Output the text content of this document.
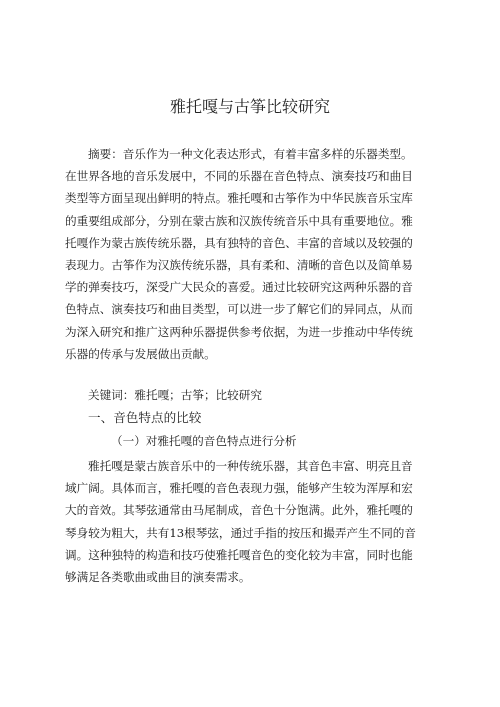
雅托嘎与古筝比较研究
摘要：音乐作为一种文化表达形式，有着丰富多样的乐器类型。
在世界各地的音乐发展中，不同的乐器在音色特点、演奏技巧和曲目
类型等方面呈现出鲜明的特点。雅托嘎和古筝作为中华民族音乐宝库
的重要组成部分，分别在蒙古族和汉族传统音乐中具有重要地位。雅
托嘎作为蒙古族传统乐器，具有独特的音色、丰富的音域以及较强的
表现力。古筝作为汉族传统乐器，具有柔和、清晰的音色以及简单易
学的弹奏技巧，深受广大民众的喜爱。通过比较研究这两种乐器的音
色特点、演奏技巧和曲目类型，可以进一步了解它们的异同点，从而
为深入研究和推广这两种乐器提供参考依据，为进一步推动中华传统
乐器的传承与发展做出贡献。
关键词：雅托嘎；古筝；比较研究
一、音色特点的比较
（一）对雅托嘎的音色特点进行分析
雅托嘎是蒙古族音乐中的一种传统乐器，其音色丰富、明亮且音
域广阔。具体而言，雅托嘎的音色表现力强，能够产生较为浑厚和宏
大的音效。其琴弦通常由马尾制成，音色十分饱满。此外，雅托嘎的
琴身较为粗大，共有13根琴弦，通过手指的按压和撮弄产生不同的音
调。这种独特的构造和技巧使雅托嘎音色的变化较为丰富，同时也能
够满足各类歌曲或曲目的演奏需求。
